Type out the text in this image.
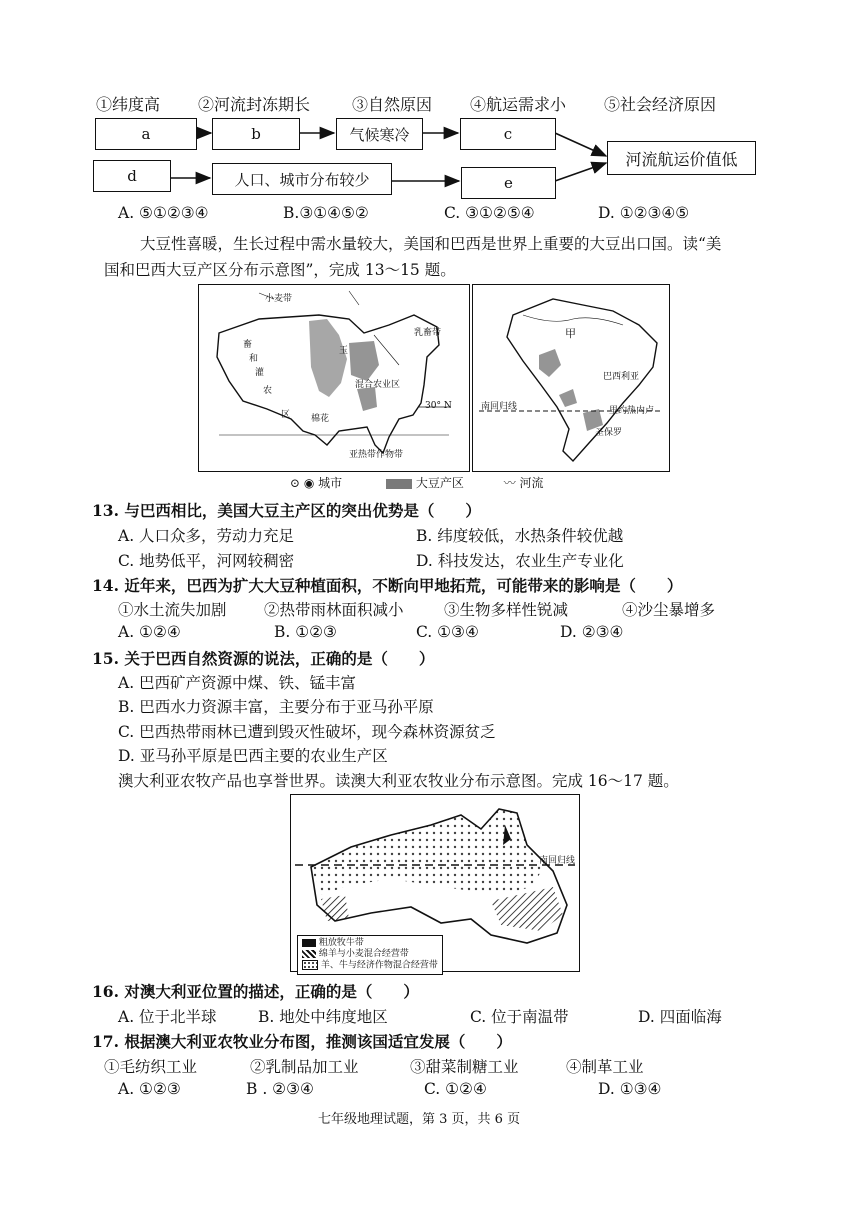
①纬度高 ②河流封冻期长	③自然原因 ④航运需求小 ⑤社会经济原因
a	b	气候寒冷	c
d	人口、城市分布较少	e
河流航运价值低
A. ⑤①②③④	B.③①④⑤②	C. ③①②⑤④	D. ①②③④⑤
大豆性喜暖，生长过程中需水量较大，美国和巴西是世界上重要的大豆出口国。读“美
国和巴西大豆产区分布示意图”，完成 13～15 题。
小麦带
乳畜带
畜
和
灌
农
区
玉
混合农业区
棉花
30° N
亚热带作物带
甲
巴西利亚
南回归线	里约热内卢
圣保罗
⊙ ◉ 城市	大豆产区	〰 河流
13. 与巴西相比，美国大豆主产区的突出优势是（　　）
A. 人口众多，劳动力充足	B. 纬度较低，水热条件较优越
C. 地势低平，河网较稠密	D. 科技发达，农业生产专业化
14. 近年来，巴西为扩大大豆种植面积，不断向甲地拓荒，可能带来的影响是（　　）
①水土流失加剧 ②热带雨林面积减小	③生物多样性锐减	④沙尘暴增多
A. ①②④	B. ①②③	C. ①③④	D. ②③④
15. 关于巴西自然资源的说法，正确的是（　　）
A. 巴西矿产资源中煤、铁、锰丰富
B. 巴西水力资源丰富，主要分布于亚马孙平原
C. 巴西热带雨林已遭到毁灭性破坏，现今森林资源贫乏
D. 亚马孙平原是巴西主要的农业生产区
澳大利亚农牧产品也享誉世界。读澳大利亚农牧业分布示意图。完成 16～17 题。
南回归线
粗放牧牛带
绵羊与小麦混合经营带
羊、牛与经济作物混合经营带
16. 对澳大利亚位置的描述，正确的是（　　）
A. 位于北半球	B. 地处中纬度地区	C. 位于南温带	D. 四面临海
17. 根据澳大利亚农牧业分布图，推测该国适宜发展（　　）
①毛纺织工业	②乳制品加工业	③甜菜制糖工业	④制革工业
A. ①②③	B . ②③④	C. ①②④	D. ①③④
七年级地理试题，第 3 页，共 6 页
